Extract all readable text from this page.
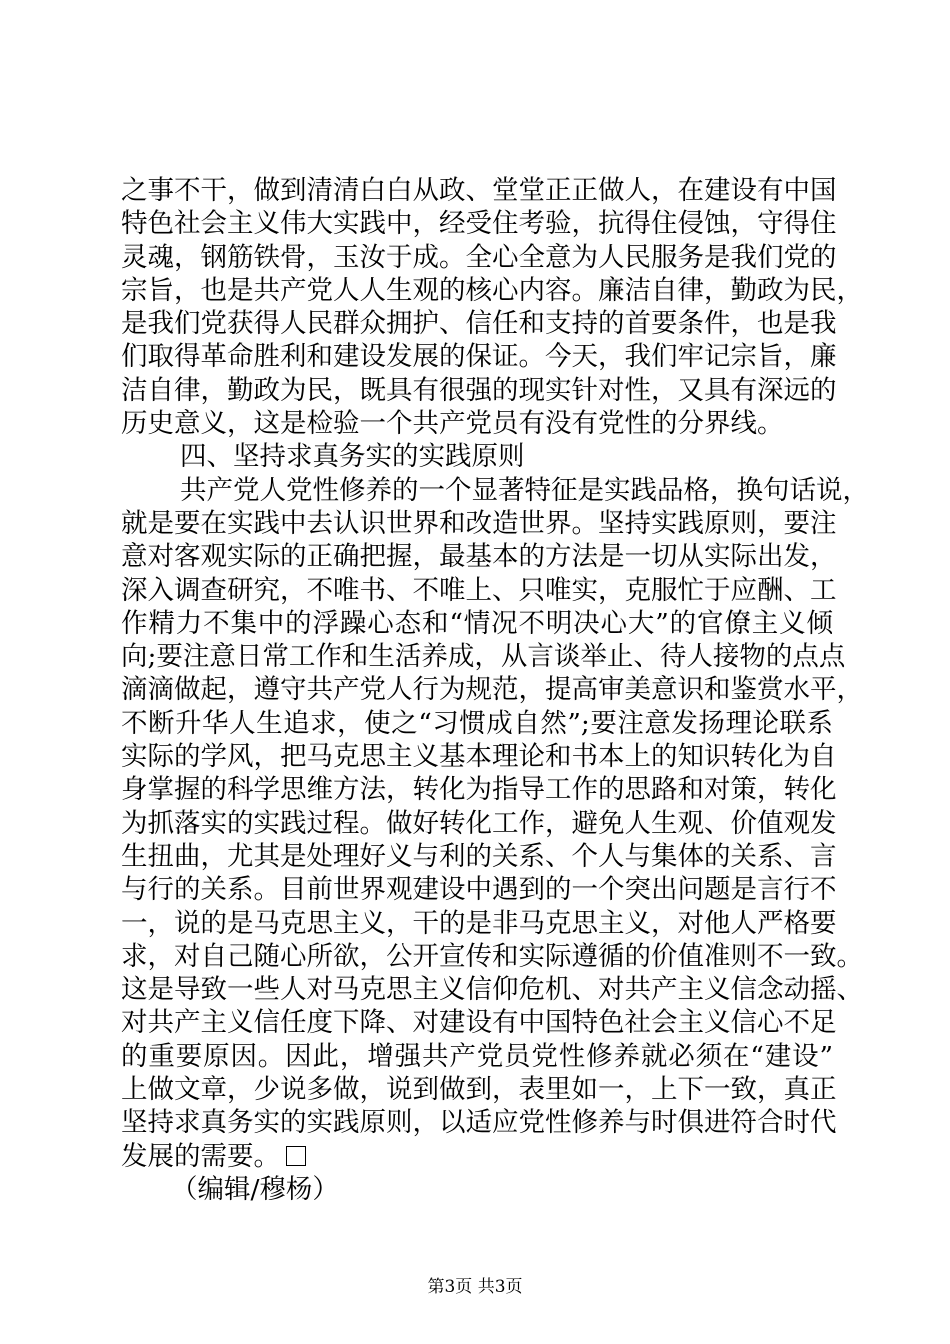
之事不干，做到清清白白从政、堂堂正正做人，在建设有中国
特色社会主义伟大实践中，经受住考验，抗得住侵蚀，守得住
灵魂，钢筋铁骨，玉汝于成。全心全意为人民服务是我们党的
宗旨，也是共产党人人生观的核心内容。廉洁自律，勤政为民，
是我们党获得人民群众拥护、信任和支持的首要条件，也是我
们取得革命胜利和建设发展的保证。今天，我们牢记宗旨，廉
洁自律，勤政为民，既具有很强的现实针对性，又具有深远的
历史意义，这是检验一个共产党员有没有党性的分界线。
四、坚持求真务实的实践原则
共产党人党性修养的一个显著特征是实践品格，换句话说，
就是要在实践中去认识世界和改造世界。坚持实践原则，要注
意对客观实际的正确把握，最基本的方法是一切从实际出发，
深入调查研究，不唯书、不唯上、只唯实，克服忙于应酬、工
作精力不集中的浮躁心态和“情况不明决心大”的官僚主义倾
向;要注意日常工作和生活养成，从言谈举止、待人接物的点点
滴滴做起，遵守共产党人行为规范，提高审美意识和鉴赏水平，
不断升华人生追求，使之“习惯成自然”;要注意发扬理论联系
实际的学风，把马克思主义基本理论和书本上的知识转化为自
身掌握的科学思维方法，转化为指导工作的思路和对策，转化
为抓落实的实践过程。做好转化工作，避免人生观、价值观发
生扭曲，尤其是处理好义与利的关系、个人与集体的关系、言
与行的关系。目前世界观建设中遇到的一个突出问题是言行不
一，说的是马克思主义，干的是非马克思主义，对他人严格要
求，对自己随心所欲，公开宣传和实际遵循的价值准则不一致。
这是导致一些人对马克思主义信仰危机、对共产主义信念动摇、
对共产主义信任度下降、对建设有中国特色社会主义信心不足
的重要原因。因此，增强共产党员党性修养就必须在“建设”
上做文章，少说多做，说到做到，表里如一，上下一致，真正
坚持求真务实的实践原则，以适应党性修养与时俱进符合时代
发展的需要。
（编辑/穆杨）
第3页 共3页
